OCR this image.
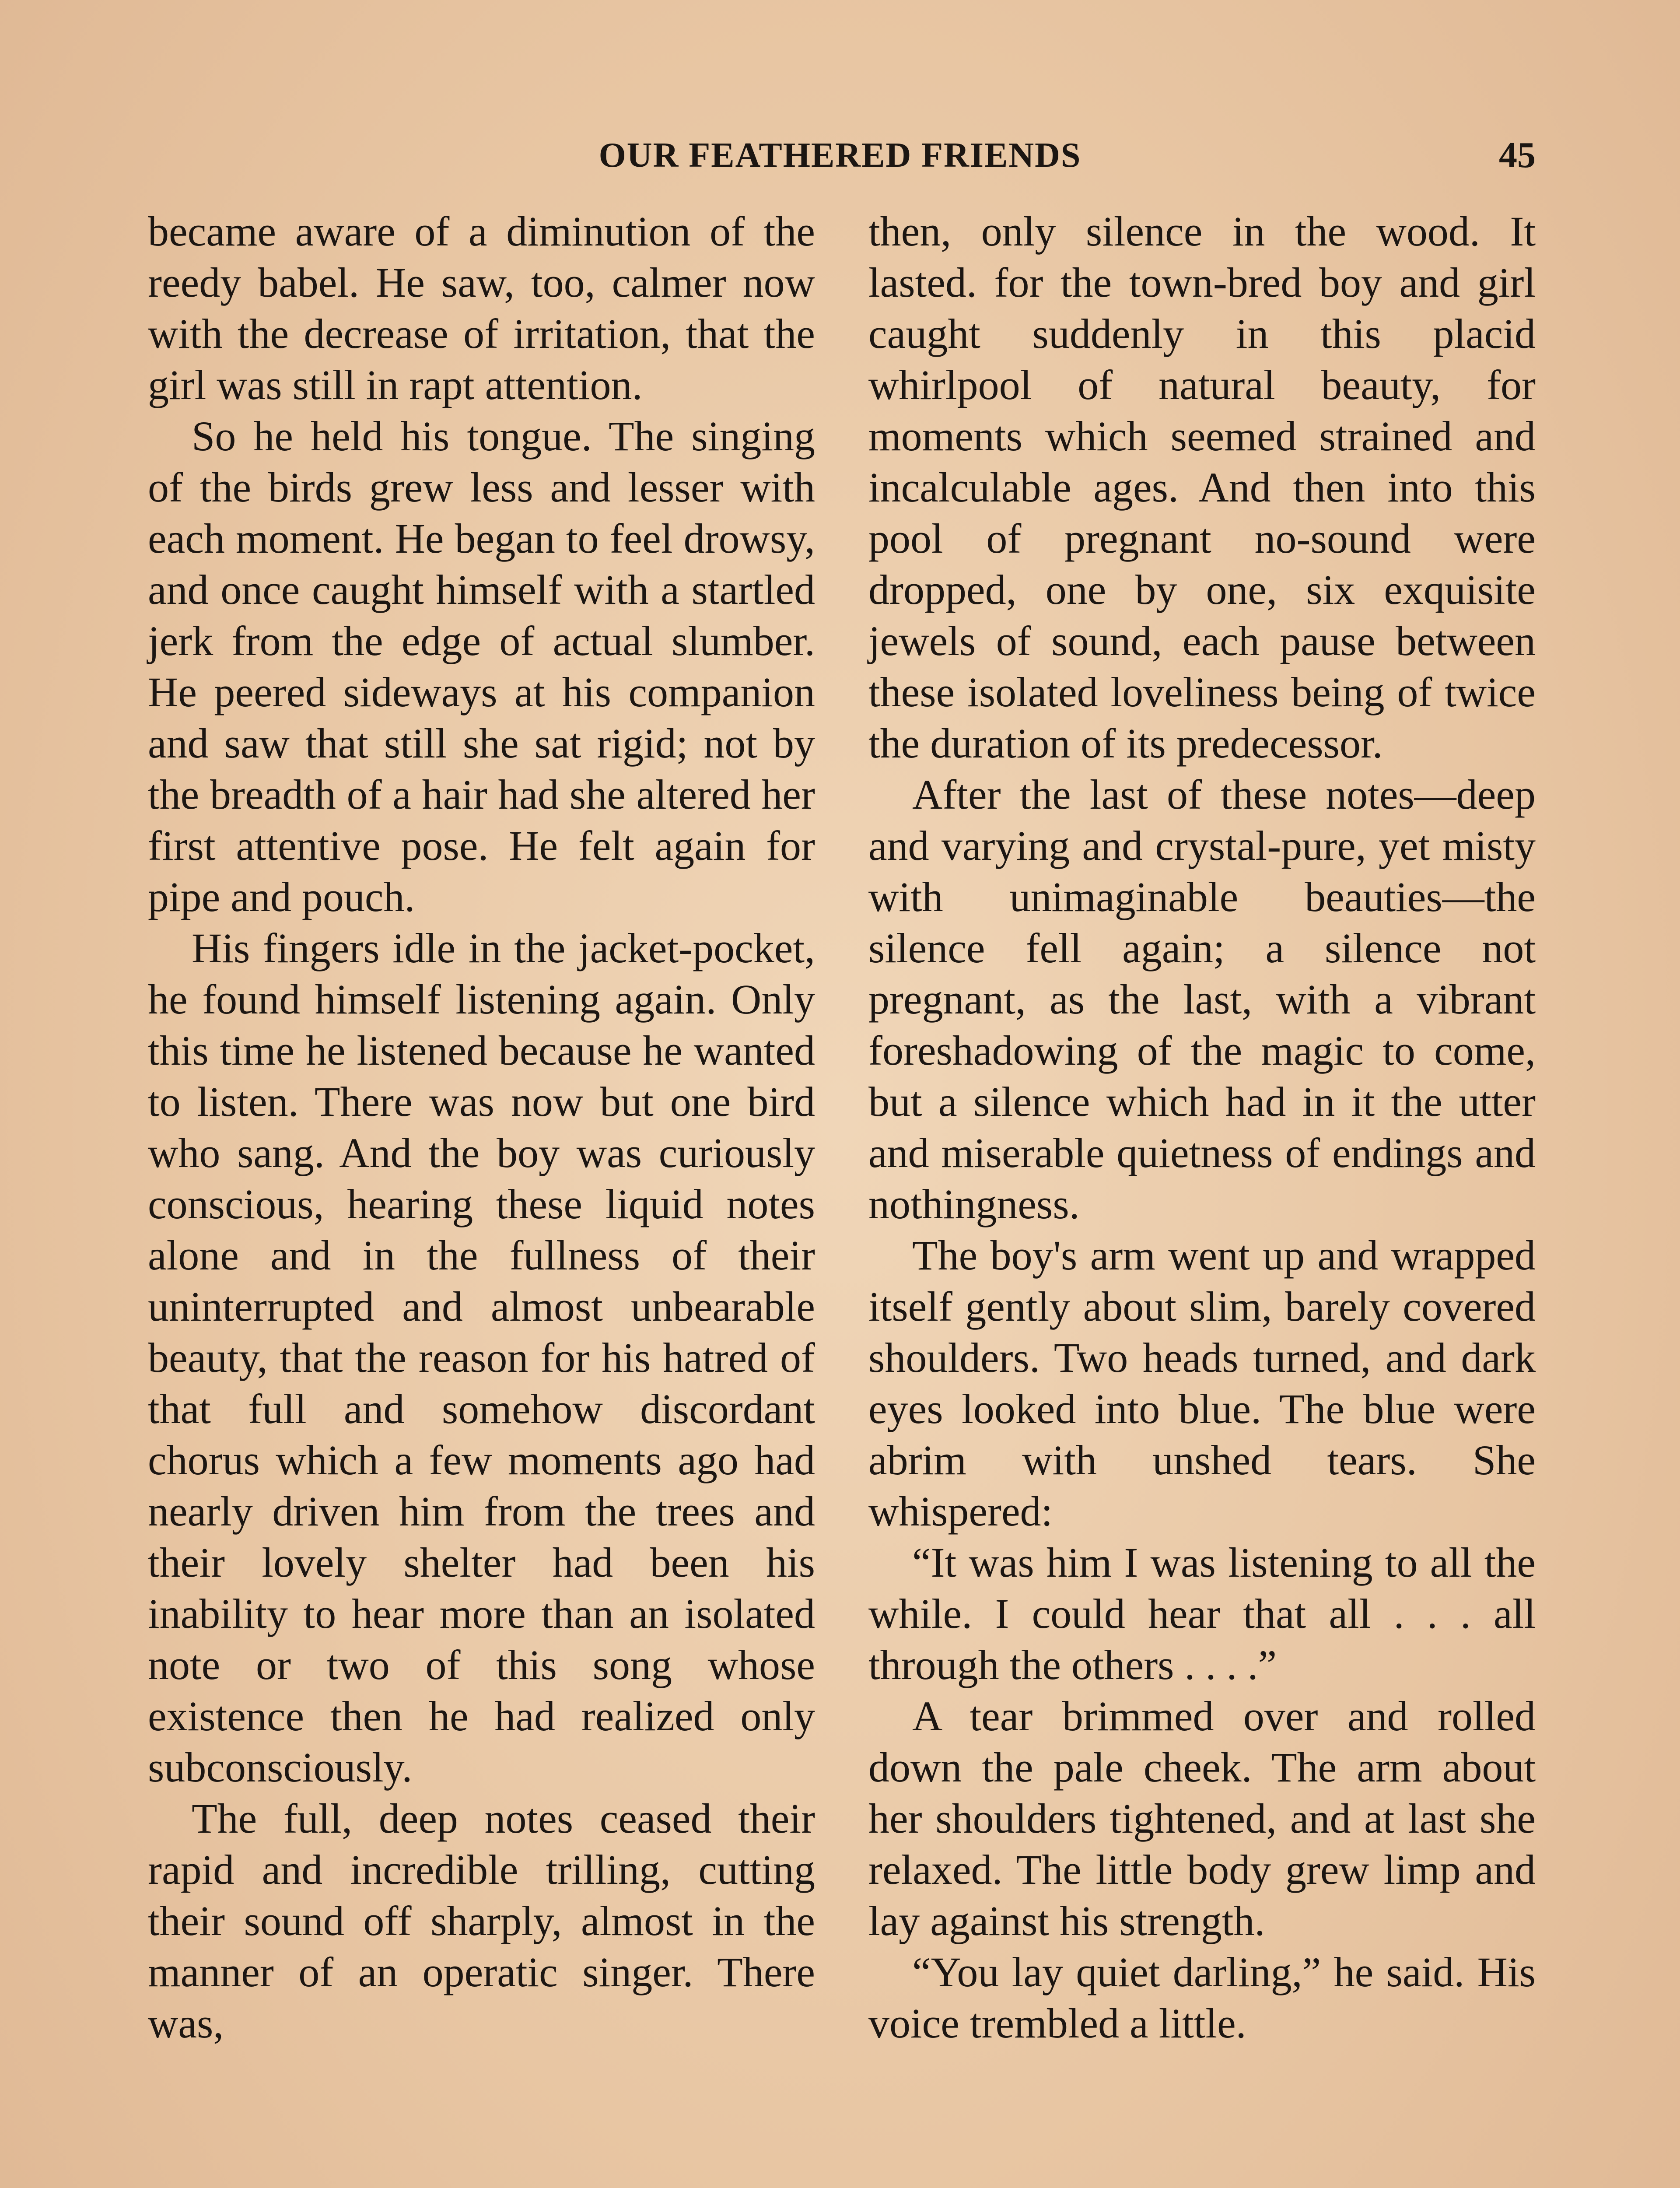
OUR FEATHERED FRIENDS	45

became aware of a diminution of the reedy babel. He saw, too, calmer now with the decrease of irritation, that the girl was still in rapt attention.

So he held his tongue. The singing of the birds grew less and lesser with each moment. He began to feel drowsy, and once caught himself with a startled jerk from the edge of actual slumber. He peered sideways at his companion and saw that still she sat rigid; not by the breadth of a hair had she altered her first attentive pose. He felt again for pipe and pouch.

His fingers idle in the jacket-pocket, he found himself listening again. Only this time he listened because he wanted to listen. There was now but one bird who sang. And the boy was curiously conscious, hearing these liquid notes alone and in the fullness of their uninterrupted and almost unbearable beauty, that the reason for his hatred of that full and somehow discordant chorus which a few moments ago had nearly driven him from the trees and their lovely shelter had been his inability to hear more than an isolated note or two of this song whose existence then he had realized only subconsciously.

The full, deep notes ceased their rapid and incredible trilling, cutting their sound off sharply, almost in the manner of an operatic singer. There was,

then, only silence in the wood. It lasted. for the town-bred boy and girl caught suddenly in this placid whirlpool of natural beauty, for moments which seemed strained and incalculable ages. And then into this pool of pregnant no-sound were dropped, one by one, six exquisite jewels of sound, each pause between these isolated loveliness being of twice the duration of its predecessor.

After the last of these notes—deep and varying and crystal-pure, yet misty with unimaginable beauties—the silence fell again; a silence not pregnant, as the last, with a vibrant foreshadowing of the magic to come, but a silence which had in it the utter and miserable quietness of endings and nothingness.

The boy's arm went up and wrapped itself gently about slim, barely covered shoulders. Two heads turned, and dark eyes looked into blue. The blue were abrim with unshed tears. She whispered:

“It was him I was listening to all the while. I could hear that all . . . all through the others . . . .”

A tear brimmed over and rolled down the pale cheek. The arm about her shoulders tightened, and at last she relaxed. The little body grew limp and lay against his strength.

“You lay quiet darling,” he said. His voice trembled a little.
